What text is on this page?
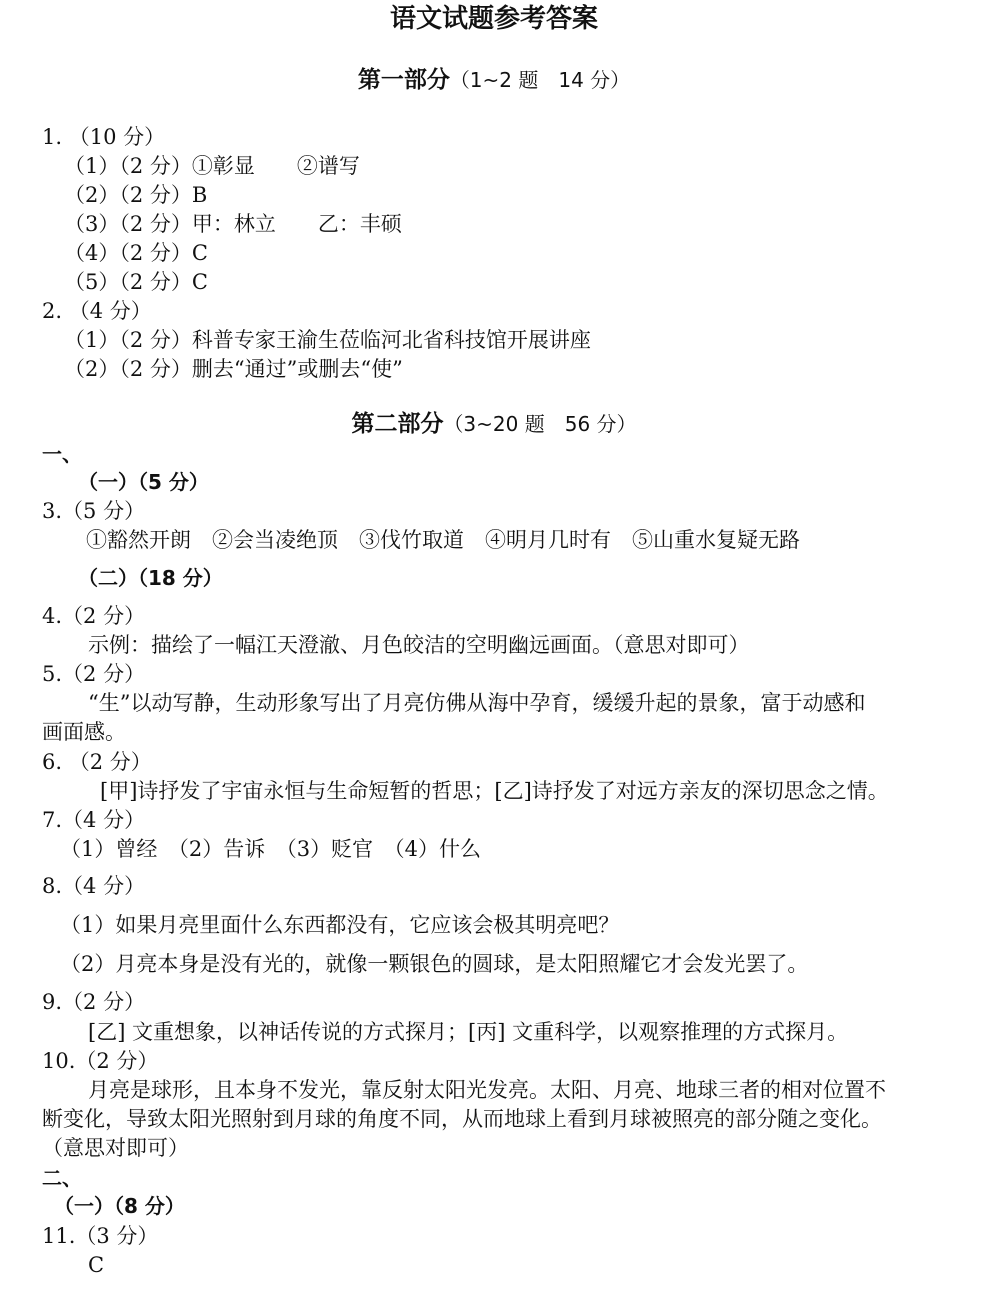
语文试题参考答案
第一部分（1~2 题　14 分）
1. （10 分）
（1）（2 分）①彰显　　②谱写
（2）（2 分）B
（3）（2 分）甲：林立　　乙：丰硕
（4）（2 分）C
（5）（2 分）C
2. （4 分）
（1）（2 分）科普专家王渝生莅临河北省科技馆开展讲座
（2）（2 分）删去“通过”或删去“使”
第二部分（3~20 题　56 分）
一、
（一）（5 分）
3.（5 分）
①豁然开朗　②会当凌绝顶　③伐竹取道　④明月几时有　⑤山重水复疑无路
（二）（18 分）
4.（2 分）
示例：描绘了一幅江天澄澈、月色皎洁的空明幽远画面。（意思对即可）
5.（2 分）
“生”以动写静，生动形象写出了月亮仿佛从海中孕育，缓缓升起的景象，富于动感和
画面感。
6. （2 分）
[甲]诗抒发了宇宙永恒与生命短暂的哲思；[乙]诗抒发了对远方亲友的深切思念之情。
7.（4 分）
（1）曾经　（2）告诉　（3）贬官　（4）什么
8.（4 分）
（1）如果月亮里面什么东西都没有，它应该会极其明亮吧？
（2）月亮本身是没有光的，就像一颗银色的圆球，是太阳照耀它才会发光罢了。
9.（2 分）
[乙] 文重想象，以神话传说的方式探月；[丙] 文重科学，以观察推理的方式探月。
10.（2 分）
月亮是球形，且本身不发光，靠反射太阳光发亮。太阳、月亮、地球三者的相对位置不
断变化，导致太阳光照射到月球的角度不同，从而地球上看到月球被照亮的部分随之变化。
（意思对即可）
二、
（一）（8 分）
11.（3 分）
C
